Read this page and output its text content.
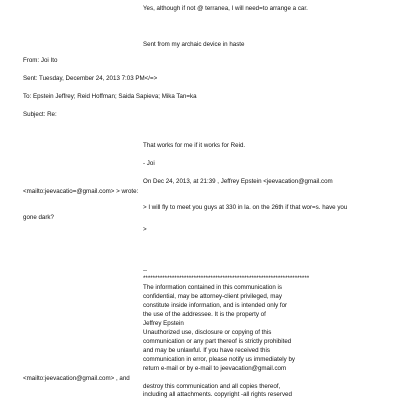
Yes, although if not @ terranea, I will need=to arrange a car.
Sent from my archaic device in haste
From: Joi Ito
Sent: Tuesday, December 24, 2013 7:03 PM</=>
To: Epstein Jeffrey; Reid Hoffman; Saida Sapieva; Mika Tan=ka
Subject: Re:
That works for me if it works for Reid.
- Joi
On Dec 24, 2013, at 21:39 , Jeffrey Epstein <jeevacation@gmail.com
<mailto:jeevacatio=@gmail.com> > wrote:
> I will fly to meet you guys at 330 in la. on the 26th if that wor=s. have you
gone dark?
>
--
*********************************************************************
The information contained in this communication is
confidential, may be attorney-client privileged, may
constitute inside information, and is intended only for
the use of the addressee. It is the property of
Jeffrey Epstein
Unauthorized use, disclosure or copying of this
communication or any part thereof is strictly prohibited
and may be unlawful. If you have received this
communication in error, please notify us immediately by
return e-mail or by e-mail to jeevacation@gmail.com
<mailto:jeevacation@gmail.com> , and
destroy this communication and all copies thereof,
including all attachments. copyright -all rights reserved
